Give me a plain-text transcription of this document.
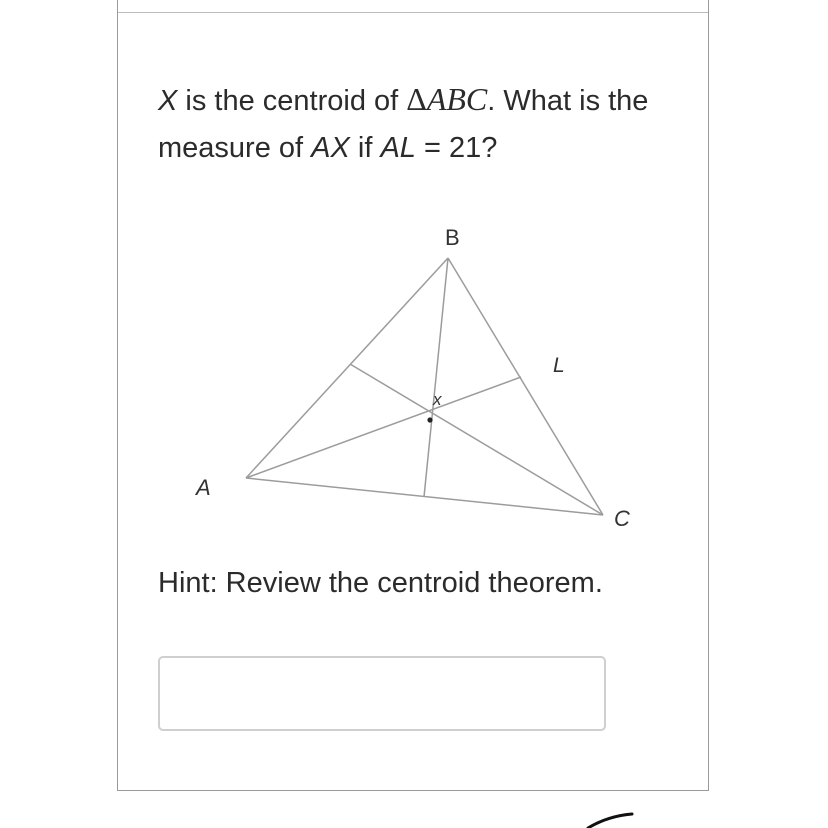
X is the centroid of ΔABC. What is the measure of AX if AL = 21?
B
A
C
L
x
Hint: Review the centroid theorem.
